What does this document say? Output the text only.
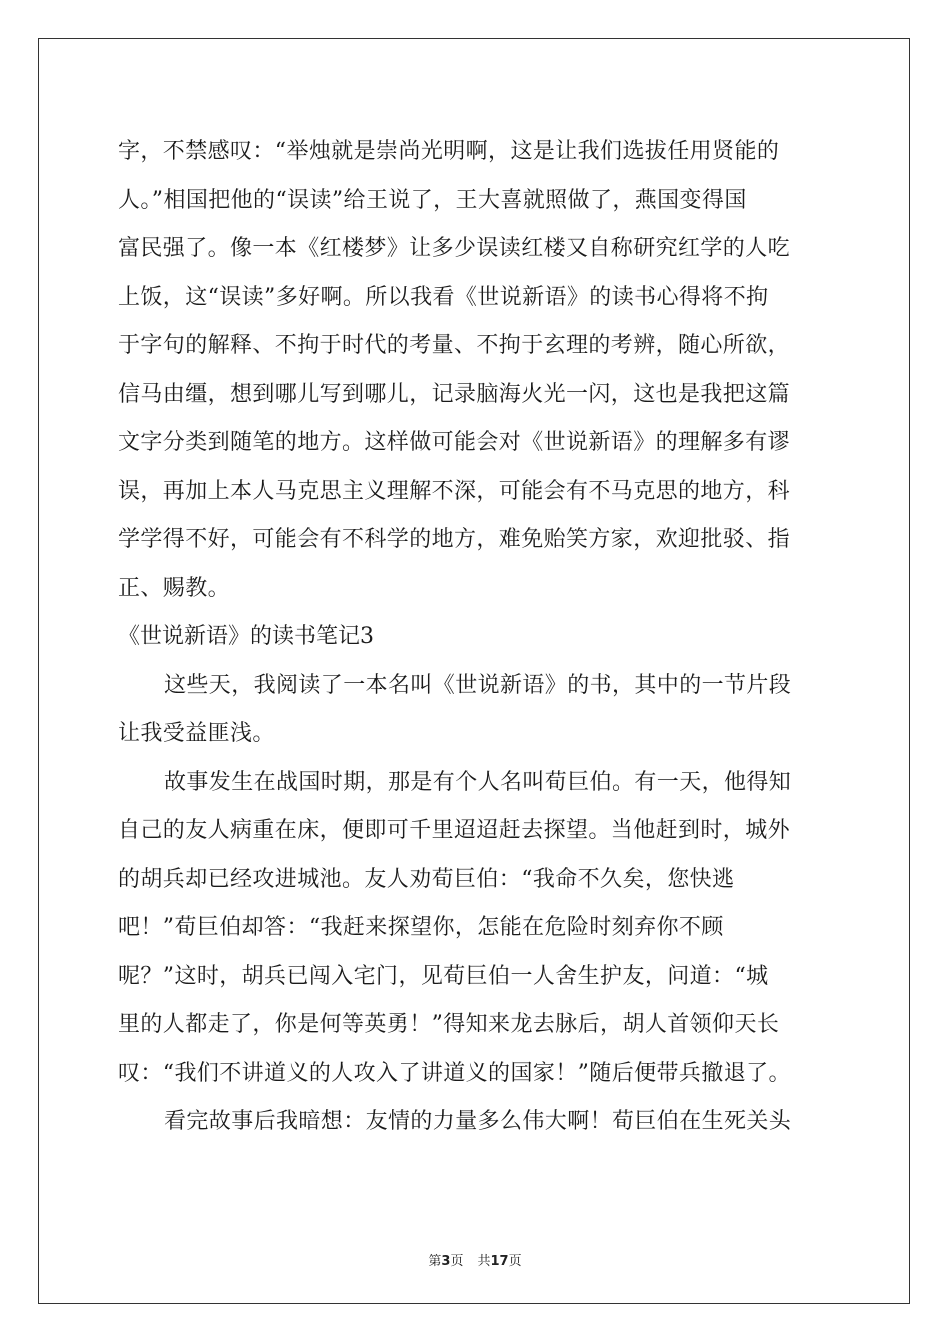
字，不禁感叹：“举烛就是崇尚光明啊，这是让我们选拔任用贤能的
人。”相国把他的“误读”给王说了，王大喜就照做了，燕国变得国
富民强了。像一本《红楼梦》让多少误读红楼又自称研究红学的人吃
上饭，这“误读”多好啊。所以我看《世说新语》的读书心得将不拘
于字句的解释、不拘于时代的考量、不拘于玄理的考辨，随心所欲，
信马由缰，想到哪儿写到哪儿，记录脑海火光一闪，这也是我把这篇
文字分类到随笔的地方。这样做可能会对《世说新语》的理解多有谬
误，再加上本人马克思主义理解不深，可能会有不马克思的地方，科
学学得不好，可能会有不科学的地方，难免贻笑方家，欢迎批驳、指
正、赐教。
《世说新语》的读书笔记3
这些天，我阅读了一本名叫《世说新语》的书，其中的一节片段
让我受益匪浅。
故事发生在战国时期，那是有个人名叫荀巨伯。有一天，他得知
自己的友人病重在床，便即可千里迢迢赶去探望。当他赶到时，城外
的胡兵却已经攻进城池。友人劝荀巨伯：“我命不久矣，您快逃
吧！”荀巨伯却答：“我赶来探望你，怎能在危险时刻弃你不顾
呢？”这时，胡兵已闯入宅门，见荀巨伯一人舍生护友，问道：“城
里的人都走了，你是何等英勇！”得知来龙去脉后，胡人首领仰天长
叹：“我们不讲道义的人攻入了讲道义的国家！”随后便带兵撤退了。
看完故事后我暗想：友情的力量多么伟大啊！荀巨伯在生死关头
第3页 共17页
